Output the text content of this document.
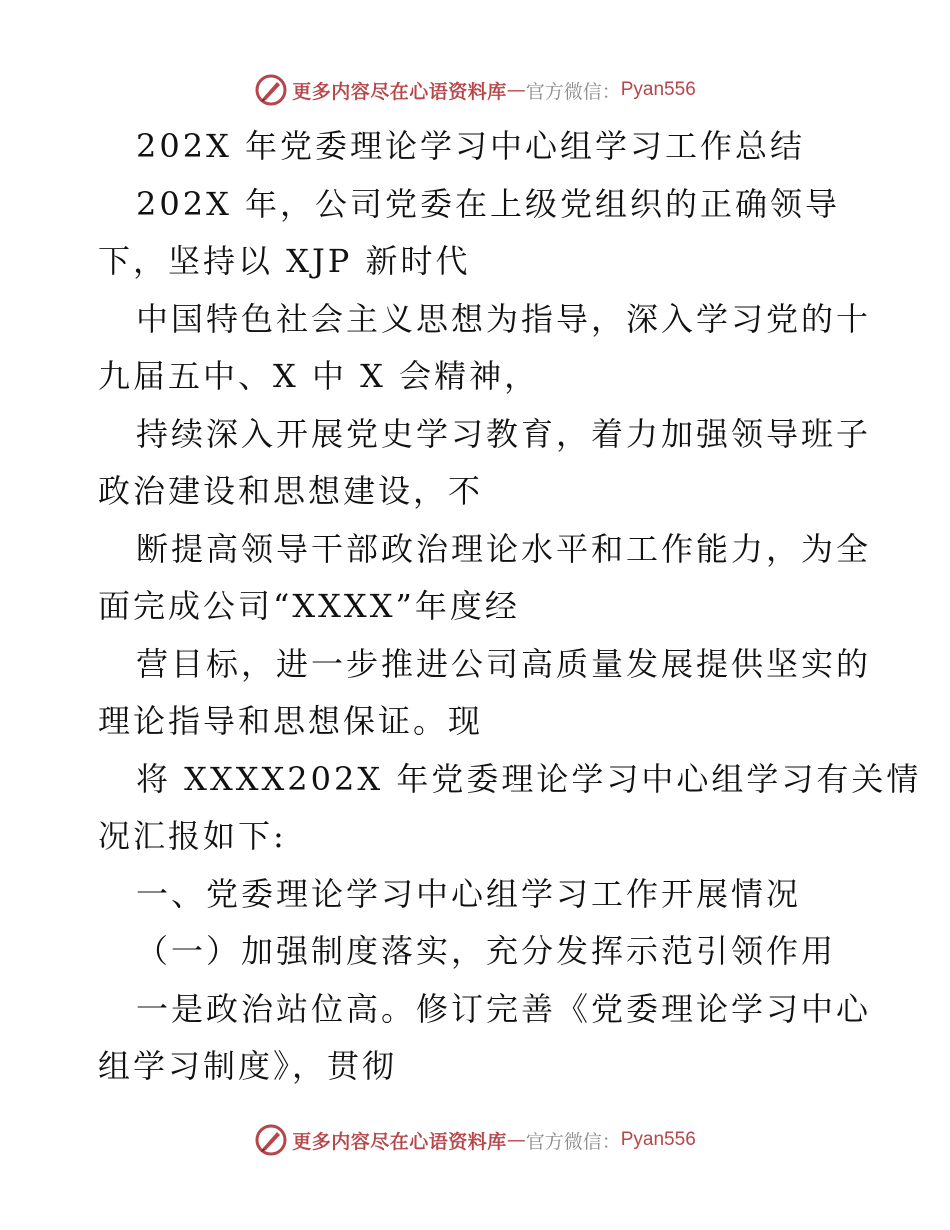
更多内容尽在心语资料库 — 官方微信： Pyan556
202X 年党委理论学习中心组学习工作总结
202X 年，公司党委在上级党组织的正确领导
下，坚持以 XJP 新时代
中国特色社会主义思想为指导，深入学习党的十
九届五中、X 中 X 会精神，
持续深入开展党史学习教育，着力加强领导班子
政治建设和思想建设，不
断提高领导干部政治理论水平和工作能力，为全
面完成公司“XXXX”年度经
营目标，进一步推进公司高质量发展提供坚实的
理论指导和思想保证。现
将 XXXX202X 年党委理论学习中心组学习有关情
况汇报如下:
一、党委理论学习中心组学习工作开展情况
（一）加强制度落实，充分发挥示范引领作用
一是政治站位高。修订完善《党委理论学习中心
组学习制度》，贯彻
更多内容尽在心语资料库 — 官方微信： Pyan556
